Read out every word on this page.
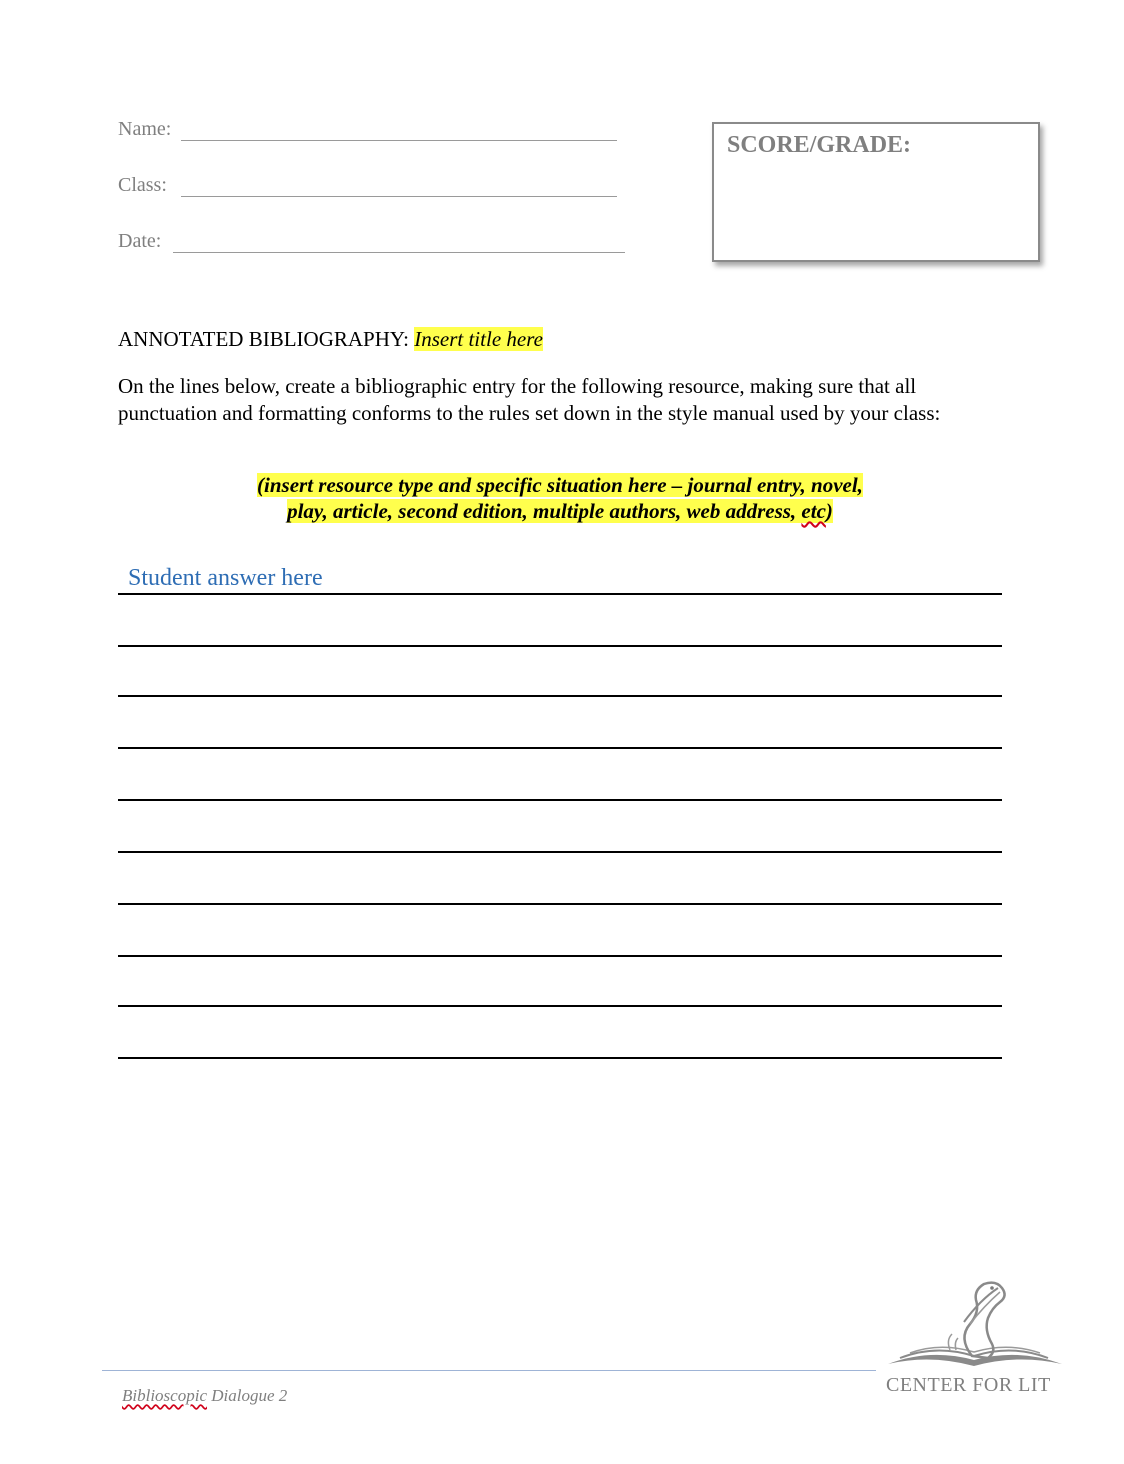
Name:
Class:
Date:
SCORE/GRADE:
ANNOTATED BIBLIOGRAPHY: Insert title here
On the lines below, create a bibliographic entry for the following resource, making sure that all punctuation and formatting conforms to the rules set down in the style manual used by your class:
(insert resource type and specific situation here – journal entry, novel,
play, article, second edition, multiple authors, web address, etc)
Student answer here
Biblioscopic Dialogue 2	CENTER FOR LIT
